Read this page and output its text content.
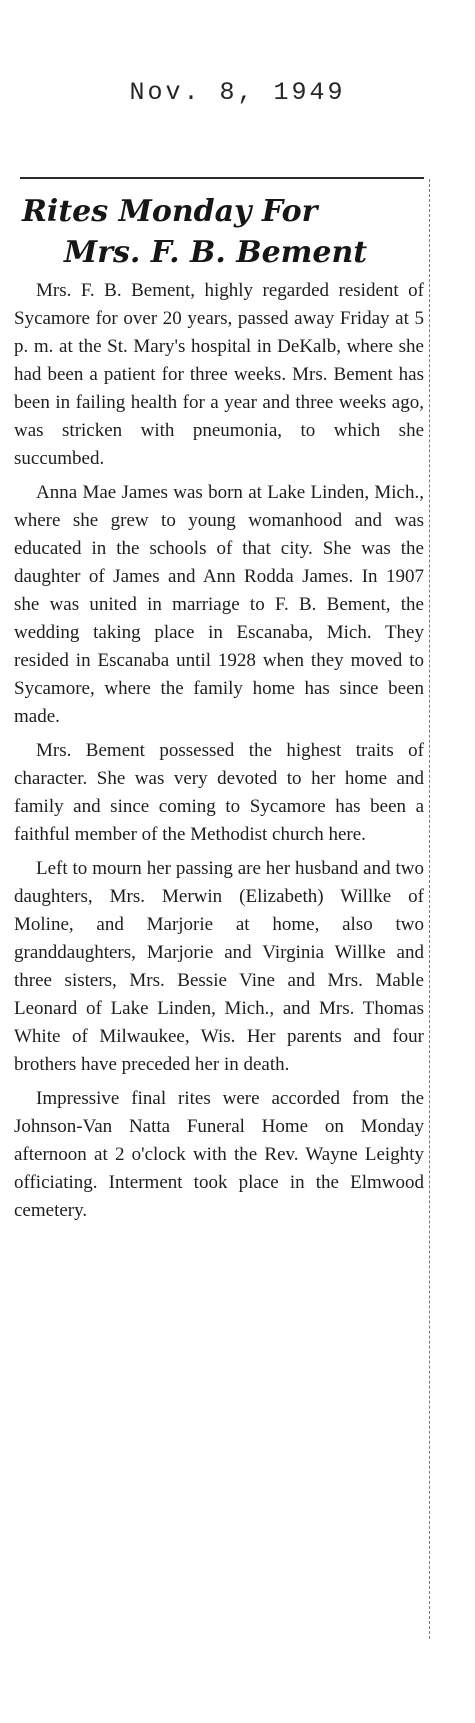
Nov. 8, 1949
Rites Monday For
Mrs. F. B. Bement

Mrs. F. B. Bement, highly regarded resident of Sycamore for over 20 years, passed away Friday at 5 p. m. at the St. Mary's hospital in DeKalb, where she had been a patient for three weeks. Mrs. Bement has been in failing health for a year and three weeks ago, was stricken with pneumonia, to which she succumbed.

Anna Mae James was born at Lake Linden, Mich., where she grew to young womanhood and was educated in the schools of that city. She was the daughter of James and Ann Rodda James. In 1907 she was united in marriage to F. B. Bement, the wedding taking place in Escanaba, Mich. They resided in Escanaba until 1928 when they moved to Sycamore, where the family home has since been made.

Mrs. Bement possessed the highest traits of character. She was very devoted to her home and family and since coming to Sycamore has been a faithful member of the Methodist church here.

Left to mourn her passing are her husband and two daughters, Mrs. Merwin (Elizabeth) Willke of Moline, and Marjorie at home, also two granddaughters, Marjorie and Virginia Willke and three sisters, Mrs. Bessie Vine and Mrs. Mable Leonard of Lake Linden, Mich., and Mrs. Thomas White of Milwaukee, Wis. Her parents and four brothers have preceded her in death.

Impressive final rites were accorded from the Johnson-Van Natta Funeral Home on Monday afternoon at 2 o'clock with the Rev. Wayne Leighty officiating. Interment took place in the Elmwood cemetery.
